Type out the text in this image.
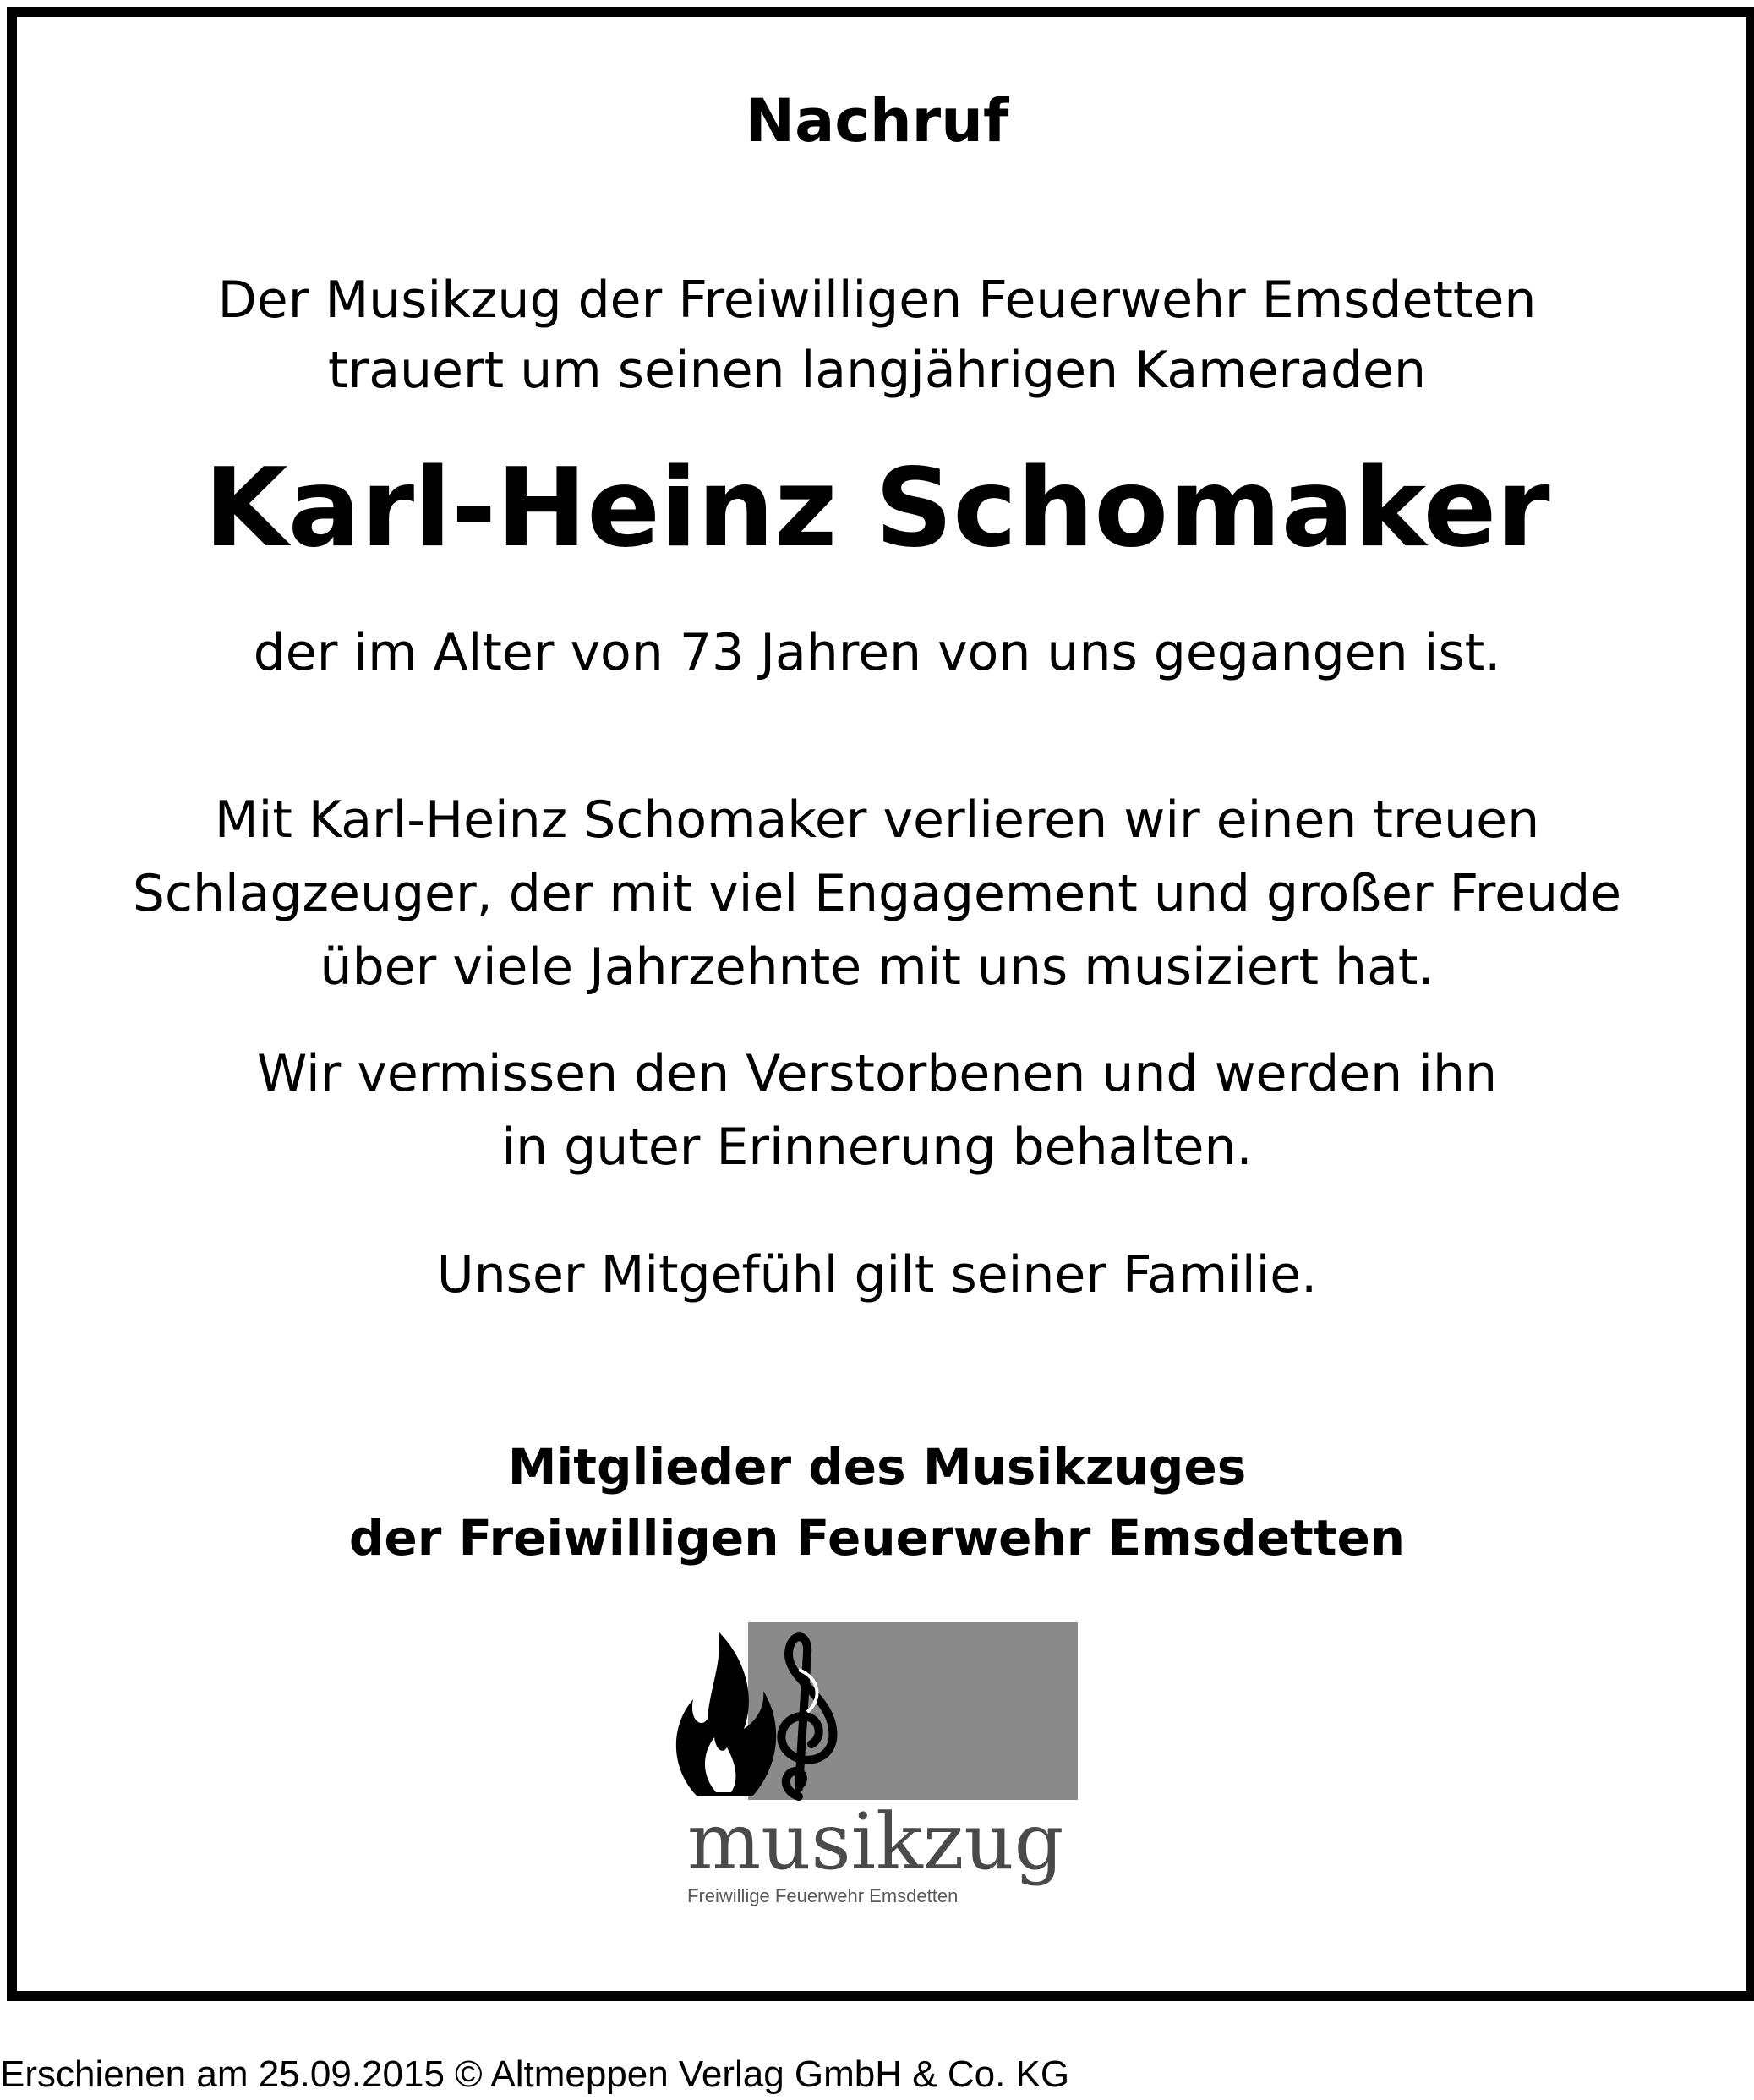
Nachruf
Der Musikzug der Freiwilligen Feuerwehr Emsdetten
trauert um seinen langjährigen Kameraden
Karl-Heinz Schomaker
der im Alter von 73 Jahren von uns gegangen ist.
Mit Karl-Heinz Schomaker verlieren wir einen treuen
Schlagzeuger, der mit viel Engagement und großer Freude
über viele Jahrzehnte mit uns musiziert hat.
Wir vermissen den Verstorbenen und werden ihn
in guter Erinnerung behalten.
Unser Mitgefühl gilt seiner Familie.
Mitglieder des Musikzuges
der Freiwilligen Feuerwehr Emsdetten
musikzug
Freiwillige Feuerwehr Emsdetten
Erschienen am 25.09.2015 © Altmeppen Verlag GmbH & Co. KG
